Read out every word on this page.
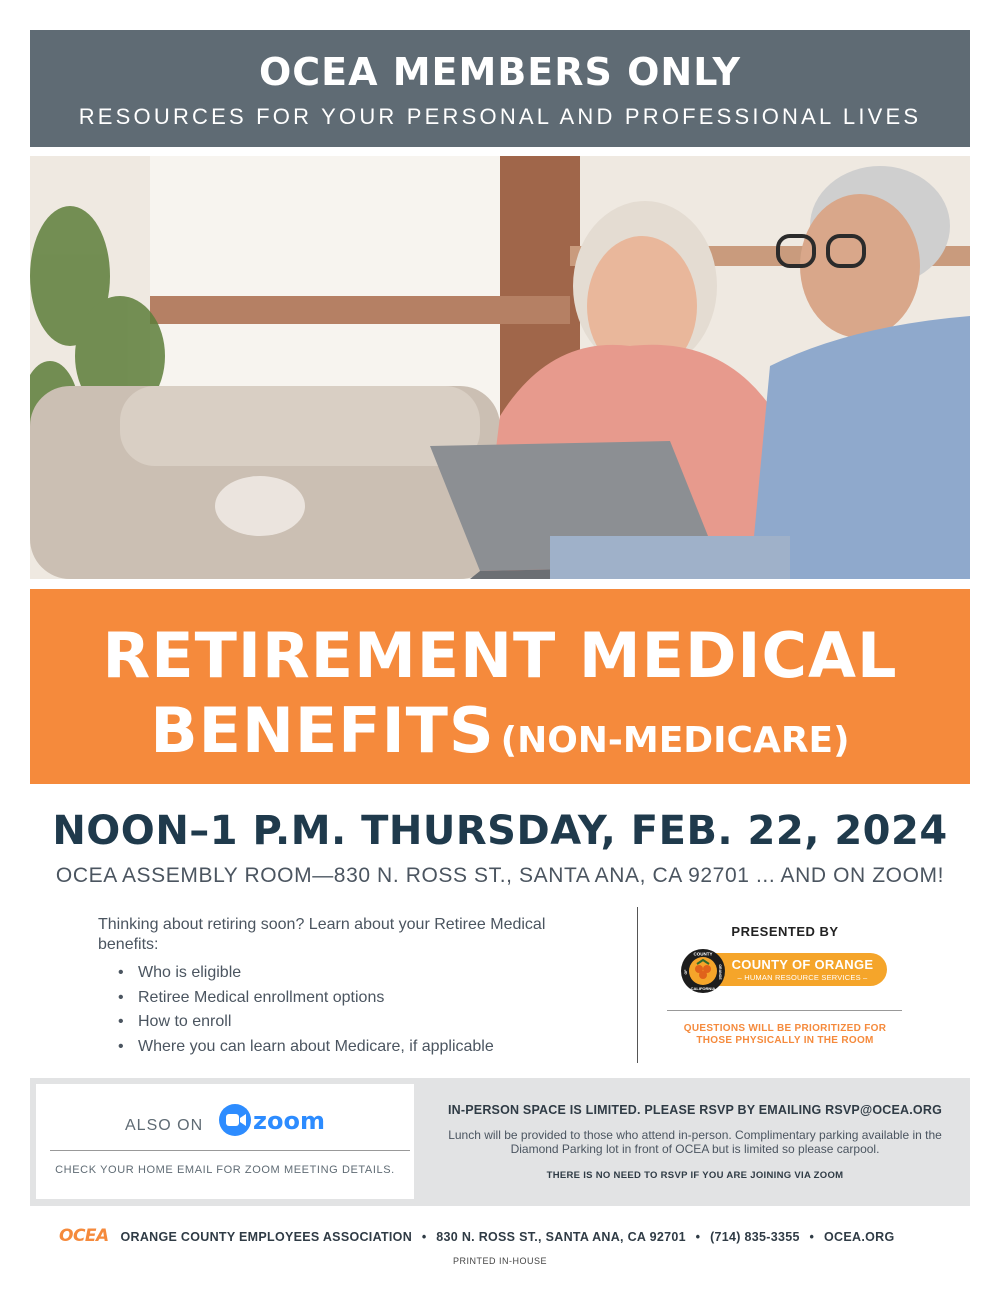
OCEA MEMBERS ONLY
RESOURCES FOR YOUR PERSONAL AND PROFESSIONAL LIVES
RETIREMENT MEDICAL
BENEFITS (NON-MEDICARE)
NOON–1 P.M. THURSDAY, FEB. 22, 2024
OCEA ASSEMBLY ROOM—830 N. ROSS ST., SANTA ANA, CA 92701 ... AND ON ZOOM!
Thinking about retiring soon? Learn about your Retiree Medical benefits:
• Who is eligible
• Retiree Medical enrollment options
• How to enroll
• Where you can learn about Medicare, if applicable
PRESENTED BY
COUNTY OF ORANGE
– HUMAN RESOURCE SERVICES –
COUNTY
ORANGE
CALIFORNIA
OF
QUESTIONS WILL BE PRIORITIZED FOR THOSE PHYSICALLY IN THE ROOM
ALSO ON zoom
CHECK YOUR HOME EMAIL FOR ZOOM MEETING DETAILS.
IN-PERSON SPACE IS LIMITED. PLEASE RSVP BY EMAILING RSVP@OCEA.ORG
Lunch will be provided to those who attend in-person. Complimentary parking available in the Diamond Parking lot in front of OCEA but is limited so please carpool.
THERE IS NO NEED TO RSVP IF YOU ARE JOINING VIA ZOOM
OCEA ORANGE COUNTY EMPLOYEES ASSOCIATION • 830 N. ROSS ST., SANTA ANA, CA 92701 • (714) 835-3355 • OCEA.ORG
PRINTED IN-HOUSE
